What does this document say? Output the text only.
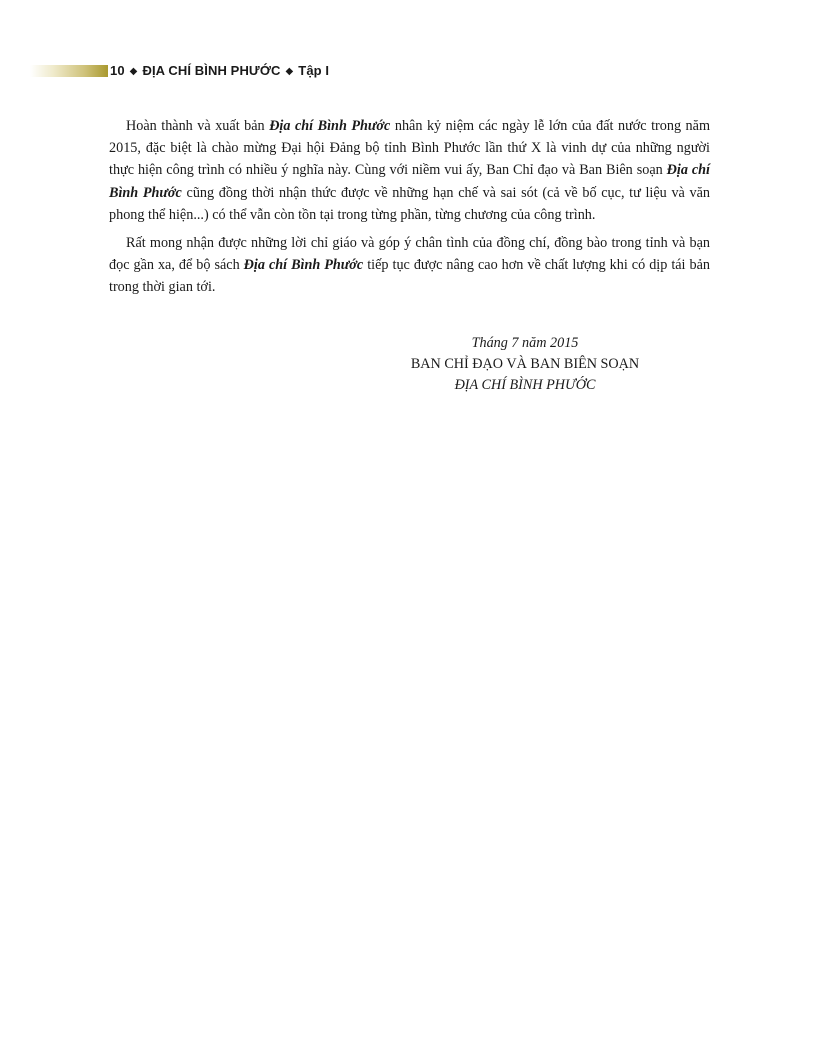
10 ◆ ĐỊA CHÍ BÌNH PHƯỚC ◆ Tập I

Hoàn thành và xuất bản Địa chí Bình Phước nhân kỷ niệm các ngày lễ lớn của đất nước trong năm 2015, đặc biệt là chào mừng Đại hội Đảng bộ tỉnh Bình Phước lần thứ X là vinh dự của những người thực hiện công trình có nhiều ý nghĩa này. Cùng với niềm vui ấy, Ban Chỉ đạo và Ban Biên soạn Địa chí Bình Phước cũng đồng thời nhận thức được về những hạn chế và sai sót (cả về bố cục, tư liệu và văn phong thể hiện...) có thể vẫn còn tồn tại trong từng phần, từng chương của công trình.

Rất mong nhận được những lời chỉ giáo và góp ý chân tình của đồng chí, đồng bào trong tỉnh và bạn đọc gần xa, để bộ sách Địa chí Bình Phước tiếp tục được nâng cao hơn về chất lượng khi có dịp tái bản trong thời gian tới.

Tháng 7 năm 2015
BAN CHỈ ĐẠO VÀ BAN BIÊN SOẠN
ĐỊA CHÍ BÌNH PHƯỚC
